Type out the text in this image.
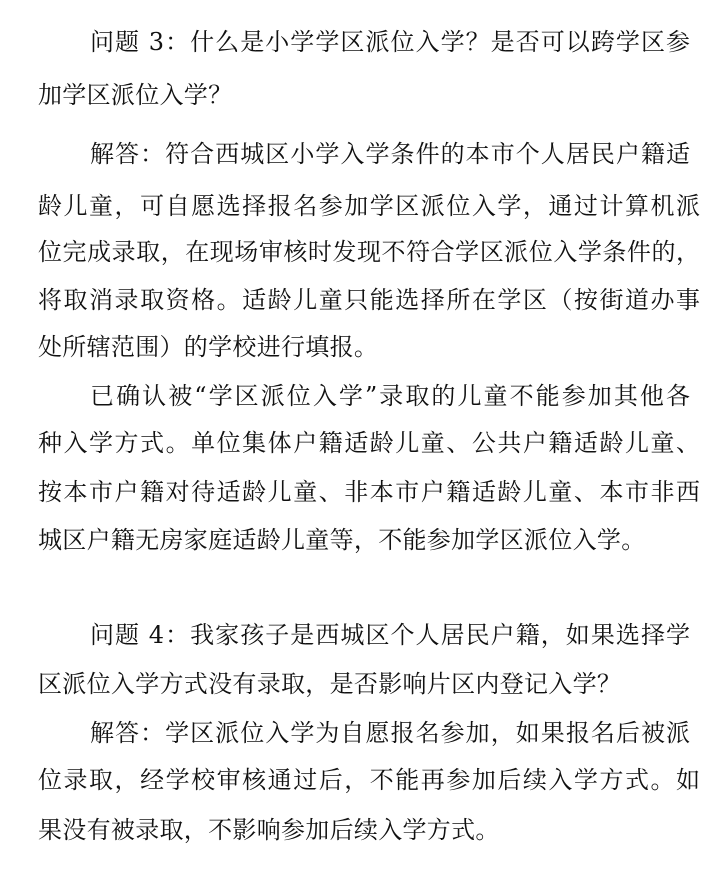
问题 3：什么是小学学区派位入学？是否可以跨学区参
加学区派位入学？
解答：符合西城区小学入学条件的本市个人居民户籍适
龄儿童，可自愿选择报名参加学区派位入学，通过计算机派
位完成录取，在现场审核时发现不符合学区派位入学条件的，
将取消录取资格。适龄儿童只能选择所在学区（按街道办事
处所辖范围）的学校进行填报。
已确认被“学区派位入学”录取的儿童不能参加其他各
种入学方式。单位集体户籍适龄儿童、公共户籍适龄儿童、
按本市户籍对待适龄儿童、非本市户籍适龄儿童、本市非西
城区户籍无房家庭适龄儿童等，不能参加学区派位入学。
问题 4：我家孩子是西城区个人居民户籍，如果选择学
区派位入学方式没有录取，是否影响片区内登记入学？
解答：学区派位入学为自愿报名参加，如果报名后被派
位录取，经学校审核通过后，不能再参加后续入学方式。如
果没有被录取，不影响参加后续入学方式。
